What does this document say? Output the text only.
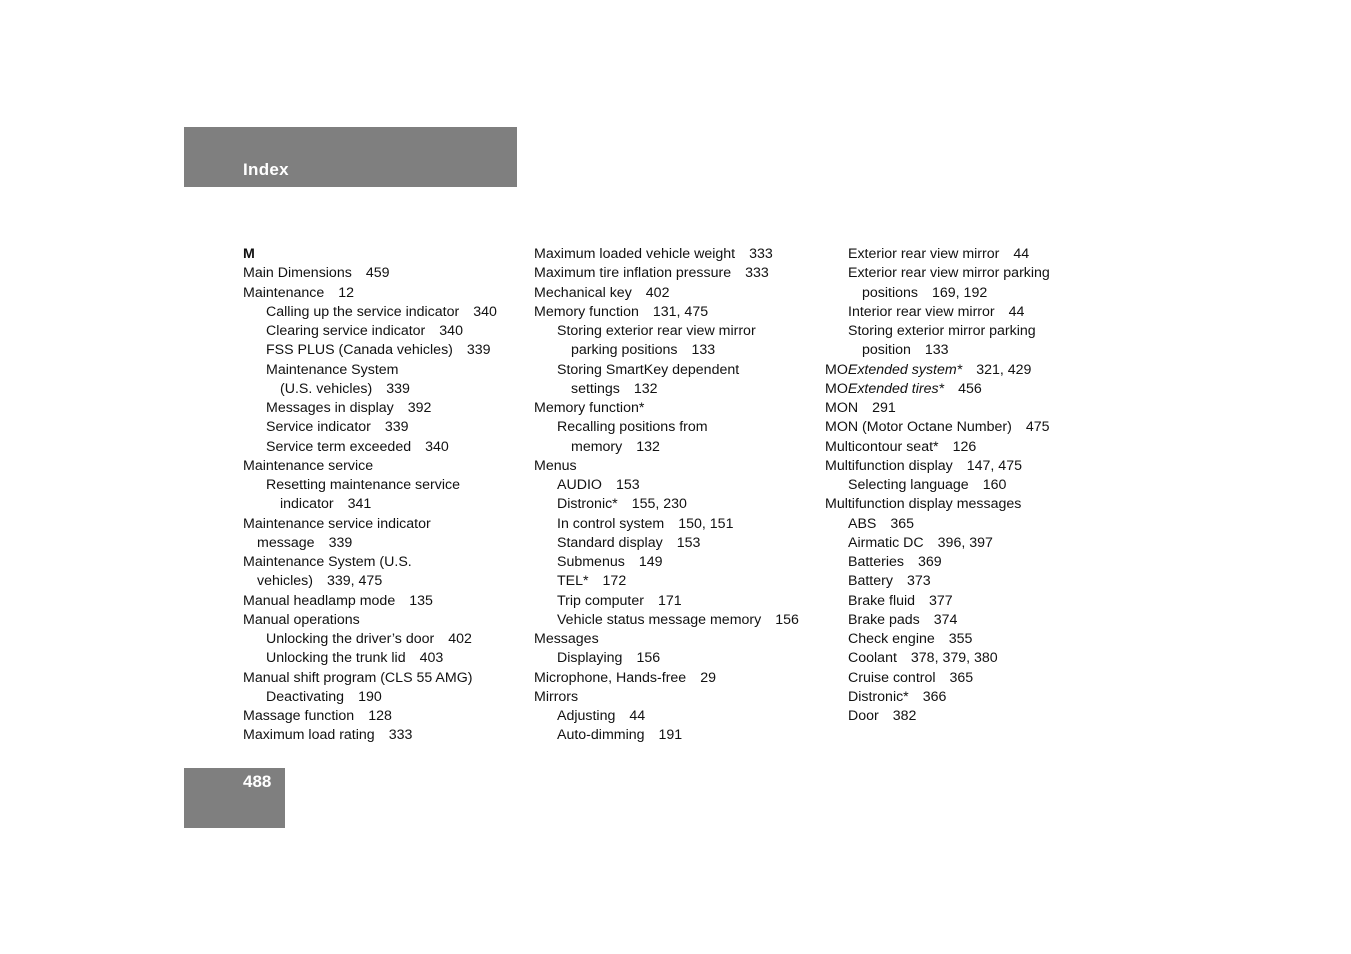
Index
M
Main Dimensions 459
Maintenance 12
Calling up the service indicator 340
Clearing service indicator 340
FSS PLUS (Canada vehicles) 339
Maintenance System
(U.S. vehicles) 339
Messages in display 392
Service indicator 339
Service term exceeded 340
Maintenance service
Resetting maintenance service
indicator 341
Maintenance service indicator
message 339
Maintenance System (U.S.
vehicles) 339, 475
Manual headlamp mode 135
Manual operations
Unlocking the driver’s door 402
Unlocking the trunk lid 403
Manual shift program (CLS 55 AMG)
Deactivating 190
Massage function 128
Maximum load rating 333
Maximum loaded vehicle weight 333
Maximum tire inflation pressure 333
Mechanical key 402
Memory function 131, 475
Storing exterior rear view mirror
parking positions 133
Storing SmartKey dependent
settings 132
Memory function*
Recalling positions from
memory 132
Menus
AUDIO 153
Distronic* 155, 230
In control system 150, 151
Standard display 153
Submenus 149
TEL* 172
Trip computer 171
Vehicle status message memory 156
Messages
Displaying 156
Microphone, Hands-free 29
Mirrors
Adjusting 44
Auto-dimming 191
Exterior rear view mirror 44
Exterior rear view mirror parking
positions 169, 192
Interior rear view mirror 44
Storing exterior mirror parking
position 133
MOExtended system* 321, 429
MOExtended tires* 456
MON 291
MON (Motor Octane Number) 475
Multicontour seat* 126
Multifunction display 147, 475
Selecting language 160
Multifunction display messages
ABS 365
Airmatic DC 396, 397
Batteries 369
Battery 373
Brake fluid 377
Brake pads 374
Check engine 355
Coolant 378, 379, 380
Cruise control 365
Distronic* 366
Door 382
488
